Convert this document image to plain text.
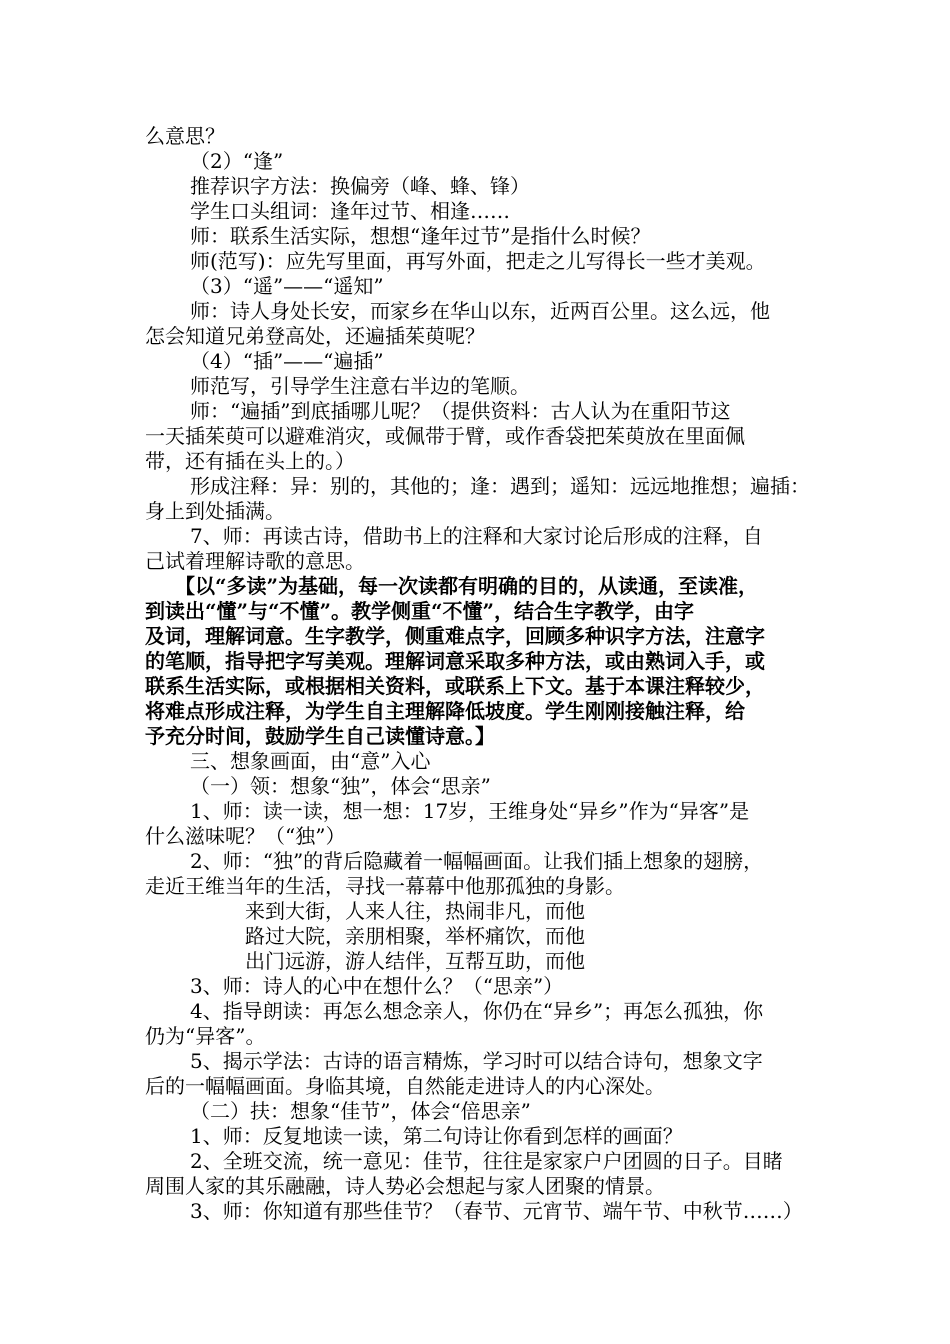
么意思？
（2）“逢”
推荐识字方法：换偏旁（峰、蜂、锋）
学生口头组词：逢年过节、相逢……
师：联系生活实际，想想“逢年过节”是指什么时候？
师(范写)：应先写里面，再写外面，把走之儿写得长一些才美观。
（3）“遥”——“遥知”
师：诗人身处长安，而家乡在华山以东，近两百公里。这么远，他
怎会知道兄弟登高处，还遍插茱萸呢？
（4）“插”——“遍插”
师范写，引导学生注意右半边的笔顺。
师：“遍插”到底插哪儿呢？（提供资料：古人认为在重阳节这
一天插茱萸可以避难消灾，或佩带于臂，或作香袋把茱萸放在里面佩
带，还有插在头上的。）
形成注释：异：别的，其他的；逢：遇到；遥知：远远地推想；遍插：
身上到处插满。
7、师：再读古诗，借助书上的注释和大家讨论后形成的注释，自
己试着理解诗歌的意思。
【以“多读”为基础，每一次读都有明确的目的，从读通，至读准，
到读出“懂”与“不懂”。教学侧重“不懂”，结合生字教学，由字
及词，理解词意。生字教学，侧重难点字，回顾多种识字方法，注意字
的笔顺，指导把字写美观。理解词意采取多种方法，或由熟词入手，或
联系生活实际，或根据相关资料，或联系上下文。基于本课注释较少，
将难点形成注释，为学生自主理解降低坡度。学生刚刚接触注释，给
予充分时间，鼓励学生自己读懂诗意。】
三、想象画面，由“意”入心
（一）领：想象“独”，体会“思亲”
1、师：读一读，想一想：17岁，王维身处“异乡”作为“异客”是
什么滋味呢？（“独”）
2、师：“独”的背后隐藏着一幅幅画面。让我们插上想象的翅膀，
走近王维当年的生活，寻找一幕幕中他那孤独的身影。
来到大街，人来人往，热闹非凡，而他
路过大院，亲朋相聚，举杯痛饮，而他
出门远游，游人结伴，互帮互助，而他
3、师：诗人的心中在想什么？（“思亲”）
4、指导朗读：再怎么想念亲人，你仍在“异乡”；再怎么孤独，你
仍为“异客”。
5、揭示学法：古诗的语言精炼，学习时可以结合诗句，想象文字
后的一幅幅画面。身临其境，自然能走进诗人的内心深处。
（二）扶：想象“佳节”，体会“倍思亲”
1、师：反复地读一读，第二句诗让你看到怎样的画面？
2、全班交流，统一意见：佳节，往往是家家户户团圆的日子。目睹
周围人家的其乐融融，诗人势必会想起与家人团聚的情景。
3、师：你知道有那些佳节？（春节、元宵节、端午节、中秋节……）
